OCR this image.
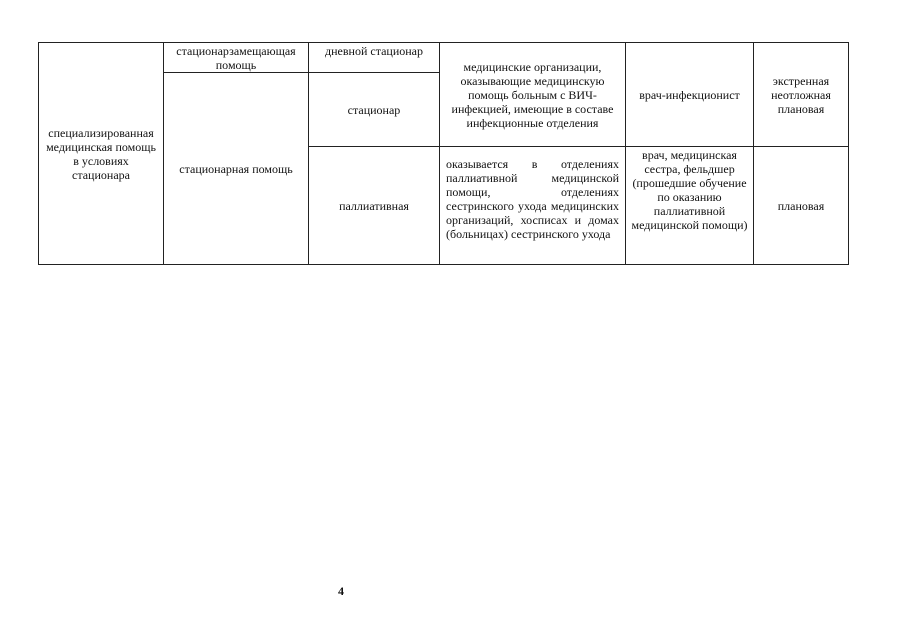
специализированная медицинская помощь в условиях стационара
стационарзамещающая помощь
стационарная помощь
дневной стационар
стационар
паллиативная
медицинские организации, оказывающие медицинскую помощь больным с ВИЧ-инфекцией, имеющие в составе инфекционные отделения
оказывается в отделениях паллиативной медицинской помощи, отделениях сестринского ухода медицинских организаций, хосписах и домах (больницах) сестринского ухода
врач-инфекционист
врач, медицинская сестра, фельдшер (прошедшие обучение по оказанию паллиативной медицинской помощи)
экстренная неотложная плановая
плановая
4
